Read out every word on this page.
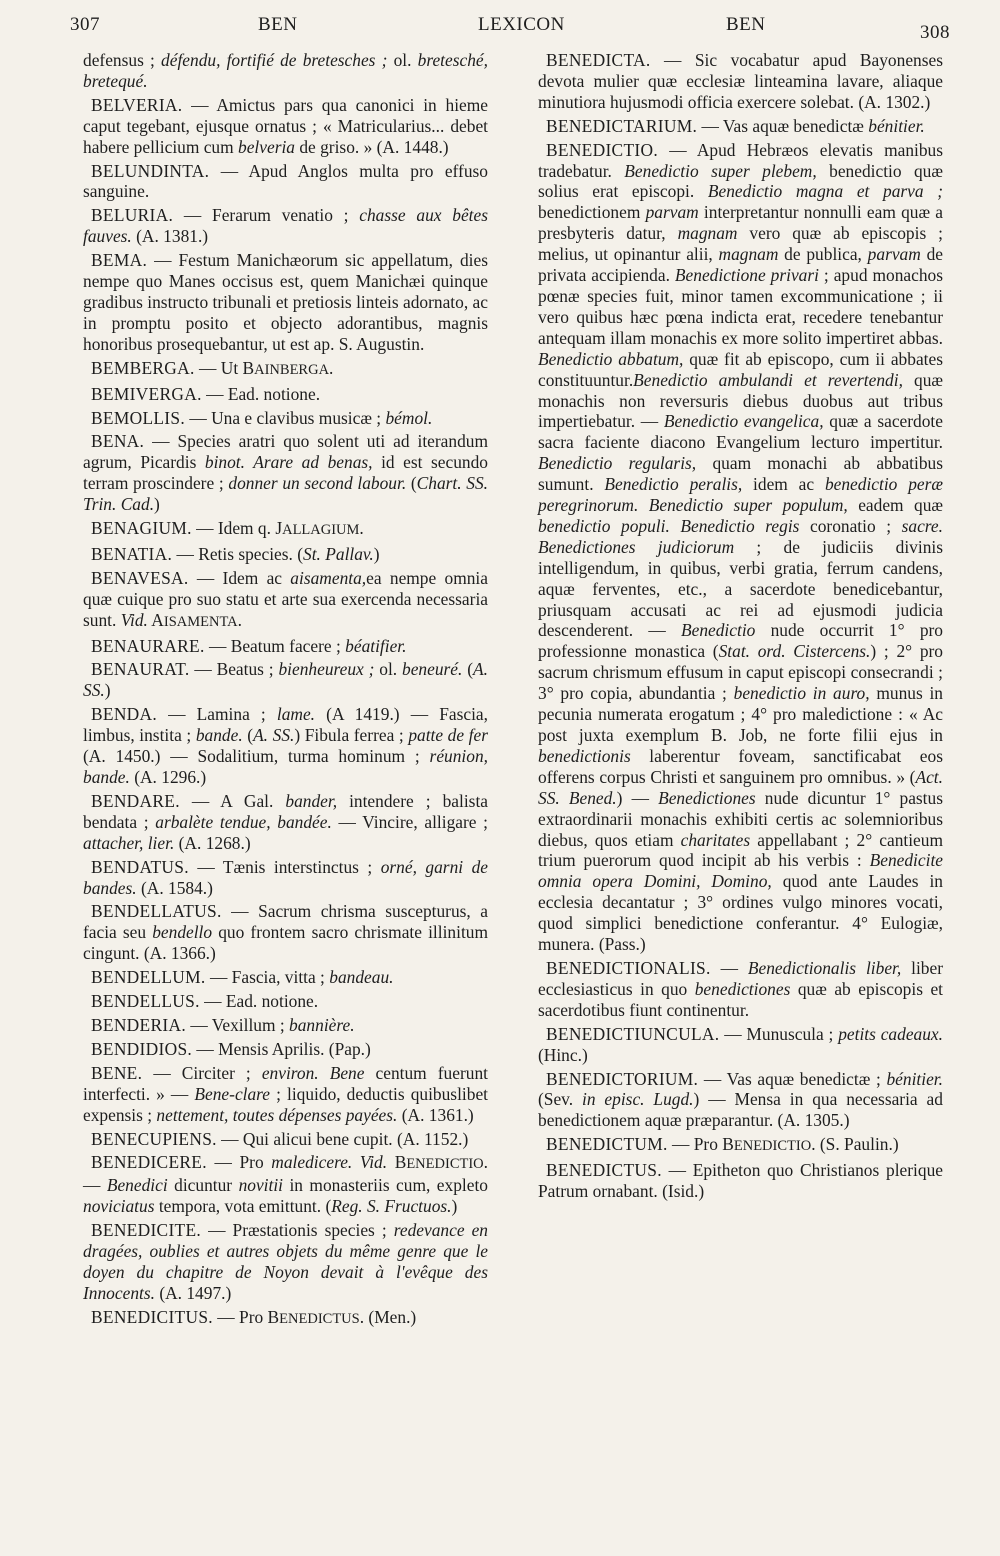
307	BEN	LEXICON	BEN	308

defensus ; défendu, fortifié de bretesches ; ol. bretesché, bretequé.

BELVERIA. — Amictus pars qua canonici in hieme caput tegebant, ejusque ornatus ; « Matricularius... debet habere pellicium cum belveria de griso. » (A. 1448.)

BELUNDINTA. — Apud Anglos multa pro effuso sanguine.

BELURIA. — Ferarum venatio ; chasse aux bêtes fauves. (A. 1381.)

BEMA. — Festum Manichæorum sic appellatum, dies nempe quo Manes occisus est, quem Manichæi quinque gradibus instructo tribunali et pretiosis linteis adornato, ac in promptu posito et objecto adorantibus, magnis honoribus prosequebantur, ut est ap. S. Augustin.

BEMBERGA. — Ut BAINBERGA.

BEMIVERGA. — Ead. notione.

BEMOLLIS. — Una e clavibus musicæ ; bémol.

BENA. — Species aratri quo solent uti ad iterandum agrum, Picardis binot. Arare ad benas, id est secundo terram proscindere ; donner un second labour. (Chart. SS. Trin. Cad.)

BENAGIUM. — Idem q. JALLAGIUM.

BENATIA. — Retis species. (St. Pallav.)

BENAVESA. — Idem ac aisamenta,ea nempe omnia quæ cuique pro suo statu et arte sua exercenda necessaria sunt. Vid. AISAMENTA.

BENAURARE. — Beatum facere ; béatifier.

BENAURAT. — Beatus ; bienheureux ; ol. beneuré. (A. SS.)

BENDA. — Lamina ; lame. (A 1419.) — Fascia, limbus, instita ; bande. (A. SS.) Fibula ferrea ; patte de fer (A. 1450.) — Sodalitium, turma hominum ; réunion, bande. (A. 1296.)

BENDARE. — A Gal. bander, intendere ; balista bendata ; arbalète tendue, bandée. — Vincire, alligare ; attacher, lier. (A. 1268.)

BENDATUS. — Tænis interstinctus ; orné, garni de bandes. (A. 1584.)

BENDELLATUS. — Sacrum chrisma suscepturus, a facia seu bendello quo frontem sacro chrismate illinitum cingunt. (A. 1366.)

BENDELLUM. — Fascia, vitta ; bandeau.

BENDELLUS. — Ead. notione.

BENDERIA. — Vexillum ; bannière.

BENDIDIOS. — Mensis Aprilis. (Pap.)

BENE. — Circiter ; environ. Bene centum fuerunt interfecti. » — Bene-clare ; liquido, deductis quibuslibet expensis ; nettement, toutes dépenses payées. (A. 1361.)

BENECUPIENS. — Qui alicui bene cupit. (A. 1152.)

BENEDICERE. — Pro maledicere. Vid. BENEDICTIO. — Benedici dicuntur novitii in monasteriis cum, expleto noviciatus tempora, vota emittunt. (Reg. S. Fructuos.)

BENEDICITE. — Præstationis species ; redevance en dragées, oublies et autres objets du même genre que le doyen du chapitre de Noyon devait à l'evêque des Innocents. (A. 1497.)

BENEDICITUS. — Pro BENEDICTUS. (Men.)

BENEDICTA. — Sic vocabatur apud Bayonenses devota mulier quæ ecclesiæ linteamina lavare, aliaque minutiora hujusmodi officia exercere solebat. (A. 1302.)

BENEDICTARIUM. — Vas aquæ benedictæ bénitier.

BENEDICTIO. — Apud Hebræos elevatis manibus tradebatur. Benedictio super plebem, benedictio quæ solius erat episcopi. Benedictio magna et parva ; benedictionem parvam interpretantur nonnulli eam quæ a presbyteris datur, magnam vero quæ ab episcopis ; melius, ut opinantur alii, magnam de publica, parvam de privata accipienda. Benedictione privari ; apud monachos pœnæ species fuit, minor tamen excommunicatione ; ii vero quibus hæc pœna indicta erat, recedere tenebantur antequam illam monachis ex more solito impertiret abbas. Benedictio abbatum, quæ fit ab episcopo, cum ii abbates constituuntur.Benedictio ambulandi et revertendi, quæ monachis non reversuris diebus duobus aut tribus impertiebatur. — Benedictio evangelica, quæ a sacerdote sacra faciente diacono Evangelium lecturo impertitur. Benedictio regularis, quam monachi ab abbatibus sumunt. Benedictio peralis, idem ac benedictio peræ peregrinorum. Benedictio super populum, eadem quæ benedictio populi. Benedictio regis coronatio ; sacre. Benedictiones judiciorum ; de judiciis divinis intelligendum, in quibus, verbi gratia, ferrum candens, aquæ ferventes, etc., a sacerdote benedicebantur, priusquam accusati ac rei ad ejusmodi judicia descenderent. — Benedictio nude occurrit 1° pro professionne monastica (Stat. ord. Cistercens.) ; 2° pro sacrum chrismum effusum in caput episcopi consecrandi ; 3° pro copia, abundantia ; benedictio in auro, munus in pecunia numerata erogatum ; 4° pro maledictione : « Ac post juxta exemplum B. Job, ne forte filii ejus in benedictionis laberentur foveam, sanctificabat eos offerens corpus Christi et sanguinem pro omnibus. » (Act. SS. Bened.) — Benedictiones nude dicuntur 1° pastus extraordinarii monachis exhibiti certis ac solemnioribus diebus, quos etiam charitates appellabant ; 2° cantieum trium puerorum quod incipit ab his verbis : Benedicite omnia opera Domini, Domino, quod ante Laudes in ecclesia decantatur ; 3° ordines vulgo minores vocati, quod simplici benedictione conferantur. 4° Eulogiæ, munera. (Pass.)

BENEDICTIONALIS. — Benedictionalis liber, liber ecclesiasticus in quo benedictiones quæ ab episcopis et sacerdotibus fiunt continentur.

BENEDICTIUNCULA. — Munuscula ; petits cadeaux. (Hinc.)

BENEDICTORIUM. — Vas aquæ benedictæ ; bénitier. (Sev. in episc. Lugd.) — Mensa in qua necessaria ad benedictionem aquæ præparantur. (A. 1305.)

BENEDICTUM. — Pro BENEDICTIO. (S. Paulin.)

BENEDICTUS. — Epitheton quo Christianos plerique Patrum ornabant. (Isid.)
